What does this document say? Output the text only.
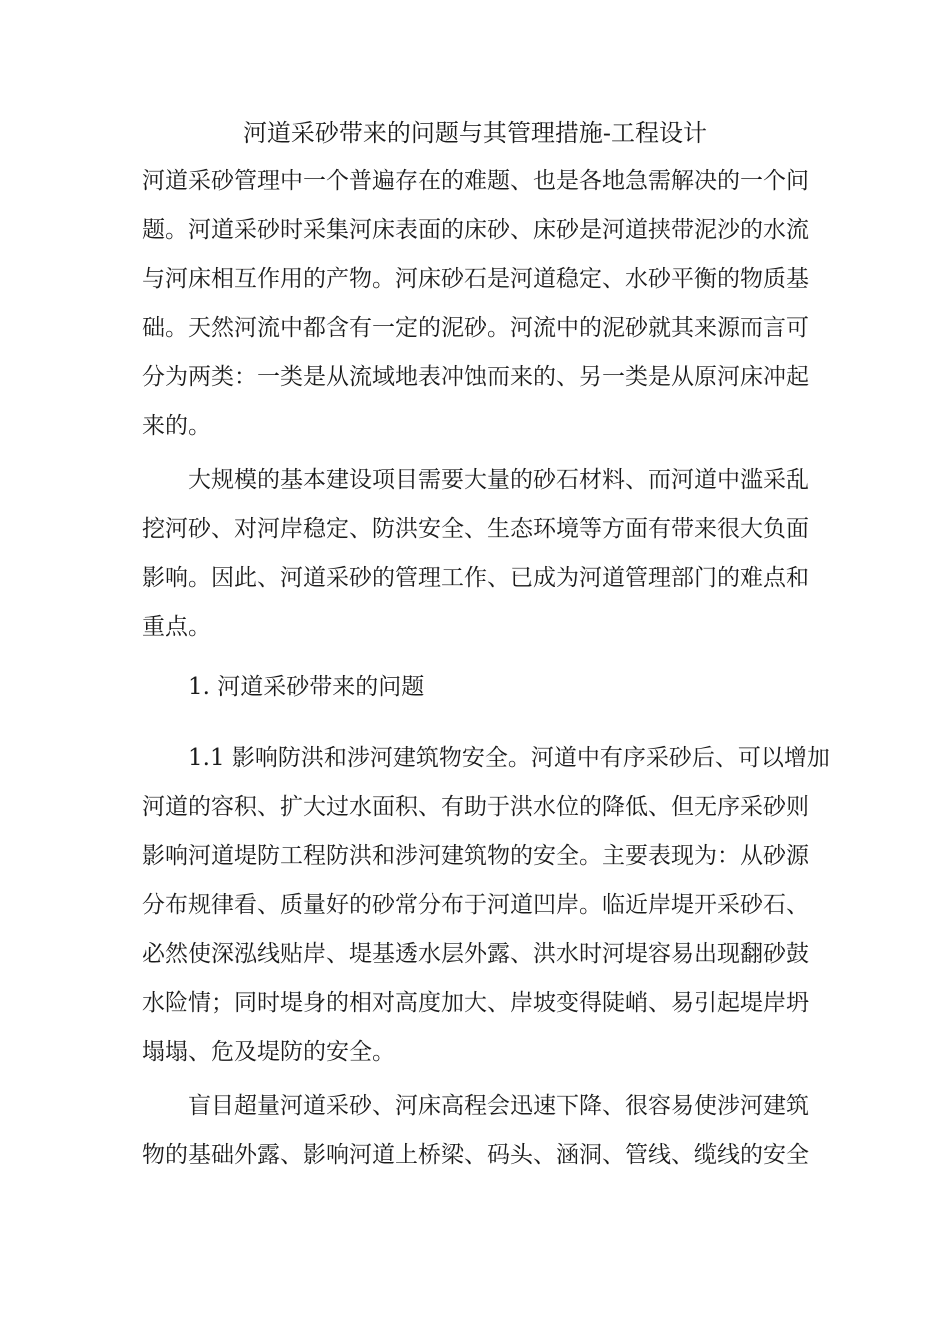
河道采砂带来的问题与其管理措施-工程设计
河道采砂管理中一个普遍存在的难题、也是各地急需解决的一个问
题。河道采砂时采集河床表面的床砂、床砂是河道挟带泥沙的水流
与河床相互作用的产物。河床砂石是河道稳定、水砂平衡的物质基
础。天然河流中都含有一定的泥砂。河流中的泥砂就其来源而言可
分为两类：一类是从流域地表冲蚀而来的、另一类是从原河床冲起
来的。
大规模的基本建设项目需要大量的砂石材料、而河道中滥采乱
挖河砂、对河岸稳定、防洪安全、生态环境等方面有带来很大负面
影响。因此、河道采砂的管理工作、已成为河道管理部门的难点和
重点。
1. 河道采砂带来的问题
1.1 影响防洪和涉河建筑物安全。河道中有序采砂后、可以增加
河道的容积、扩大过水面积、有助于洪水位的降低、但无序采砂则
影响河道堤防工程防洪和涉河建筑物的安全。主要表现为：从砂源
分布规律看、质量好的砂常分布于河道凹岸。临近岸堤开采砂石、
必然使深泓线贴岸、堤基透水层外露、洪水时河堤容易出现翻砂鼓
水险情；同时堤身的相对高度加大、岸坡变得陡峭、易引起堤岸坍
塌塌、危及堤防的安全。
盲目超量河道采砂、河床高程会迅速下降、很容易使涉河建筑
物的基础外露、影响河道上桥梁、码头、涵洞、管线、缆线的安全
